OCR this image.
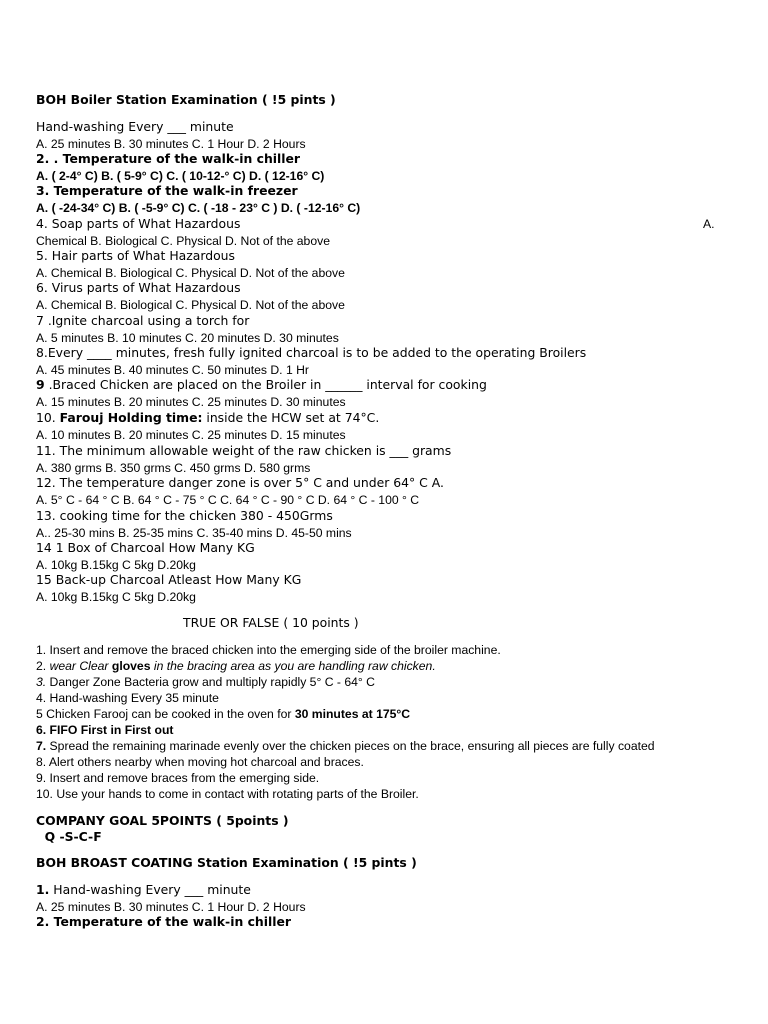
BOH Boiler Station Examination ( !5 pints )
Hand-washing Every ___ minute
A. 25 minutes B. 30 minutes C. 1 Hour D. 2 Hours
2. . Temperature of the walk-in chiller
A. ( 2-4° C) B. ( 5-9° C) C. ( 10-12-° C) D. ( 12-16° C)
3. Temperature of the walk-in freezer
A. ( -24-34° C) B. ( -5-9° C) C. ( -18 - 23° C ) D. ( -12-16° C)
4. Soap parts of What Hazardous	A.
Chemical B. Biological C. Physical D. Not of the above
5. Hair parts of What Hazardous
A. Chemical B. Biological C. Physical D. Not of the above
6. Virus parts of What Hazardous
A. Chemical B. Biological C. Physical D. Not of the above
7 .Ignite charcoal using a torch for
A. 5 minutes B. 10 minutes C. 20 minutes D. 30 minutes
8.Every ____ minutes, fresh fully ignited charcoal is to be added to the operating Broilers
A. 45 minutes B. 40 minutes C. 50 minutes D. 1 Hr
9 .Braced Chicken are placed on the Broiler in ______ interval for cooking
A. 15 minutes B. 20 minutes C. 25 minutes D. 30 minutes
10. Farouj Holding time: inside the HCW set at 74°C.
A. 10 minutes B. 20 minutes C. 25 minutes D. 15 minutes
11. The minimum allowable weight of the raw chicken is ___ grams
A. 380 grms B. 350 grms C. 450 grms D. 580 grms
12. The temperature danger zone is over 5° C and under 64° C A.
A. 5° C - 64 ° C B. 64 ° C - 75 ° C C. 64 ° C - 90 ° C D. 64 ° C - 100 ° C
13. cooking time for the chicken 380 - 450Grms
A.. 25-30 mins B. 25-35 mins C. 35-40 mins D. 45-50 mins
14 1 Box of Charcoal How Many KG
A. 10kg B.15kg C 5kg D.20kg
15 Back-up Charcoal Atleast How Many KG
A. 10kg B.15kg C 5kg D.20kg
TRUE OR FALSE ( 10 points )
1. Insert and remove the braced chicken into the emerging side of the broiler machine.
2. wear Clear gloves in the bracing area as you are handling raw chicken.
3. Danger Zone Bacteria grow and multiply rapidly 5° C - 64° C
4. Hand-washing Every 35 minute
5 Chicken Farooj can be cooked in the oven for 30 minutes at 175°C
6. FIFO First in First out
7. Spread the remaining marinade evenly over the chicken pieces on the brace, ensuring all pieces are fully coated
8. Alert others nearby when moving hot charcoal and braces.
9. Insert and remove braces from the emerging side.
10. Use your hands to come in contact with rotating parts of the Broiler.
COMPANY GOAL 5POINTS ( 5points )
Q -S-C-F
BOH BROAST COATING Station Examination ( !5 pints )
1. Hand-washing Every ___ minute
A. 25 minutes B. 30 minutes C. 1 Hour D. 2 Hours
2. Temperature of the walk-in chiller
